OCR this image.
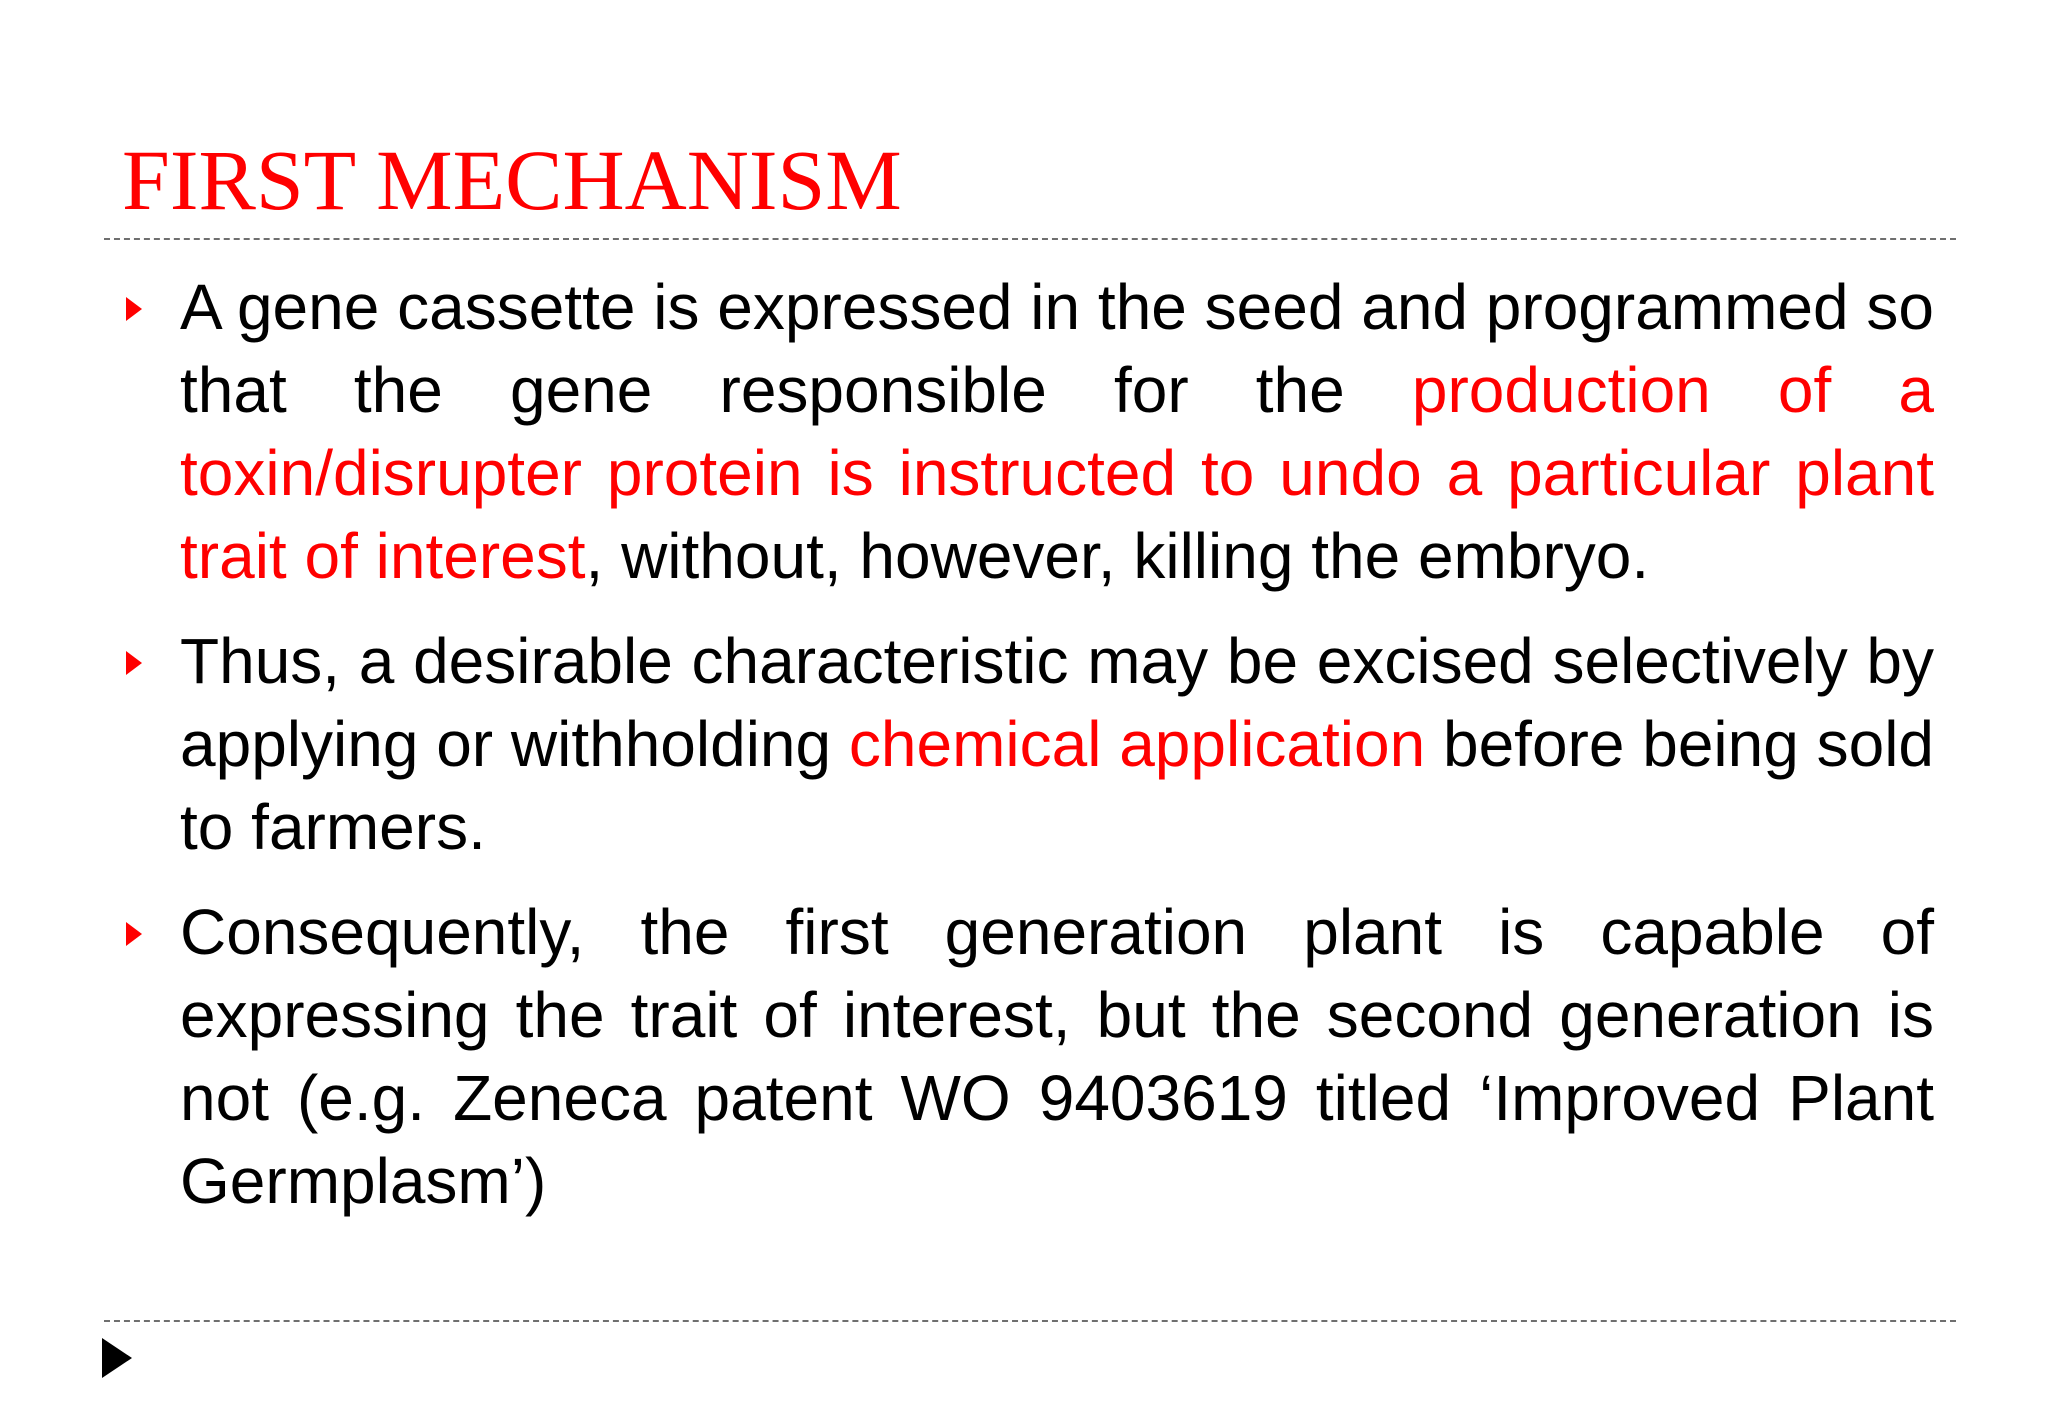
FIRST MECHANISM
A gene cassette is expressed in the seed and programmed so that the gene responsible for the production of a toxin/disrupter protein is instructed to undo a particular plant trait of interest, without, however, killing the embryo.
Thus, a desirable characteristic may be excised selectively by applying or withholding chemical application before being sold to farmers.
Consequently, the first generation plant is capable of expressing the trait of interest, but the second generation is not (e.g. Zeneca patent WO 9403619 titled ‘Improved Plant Germplasm’)
